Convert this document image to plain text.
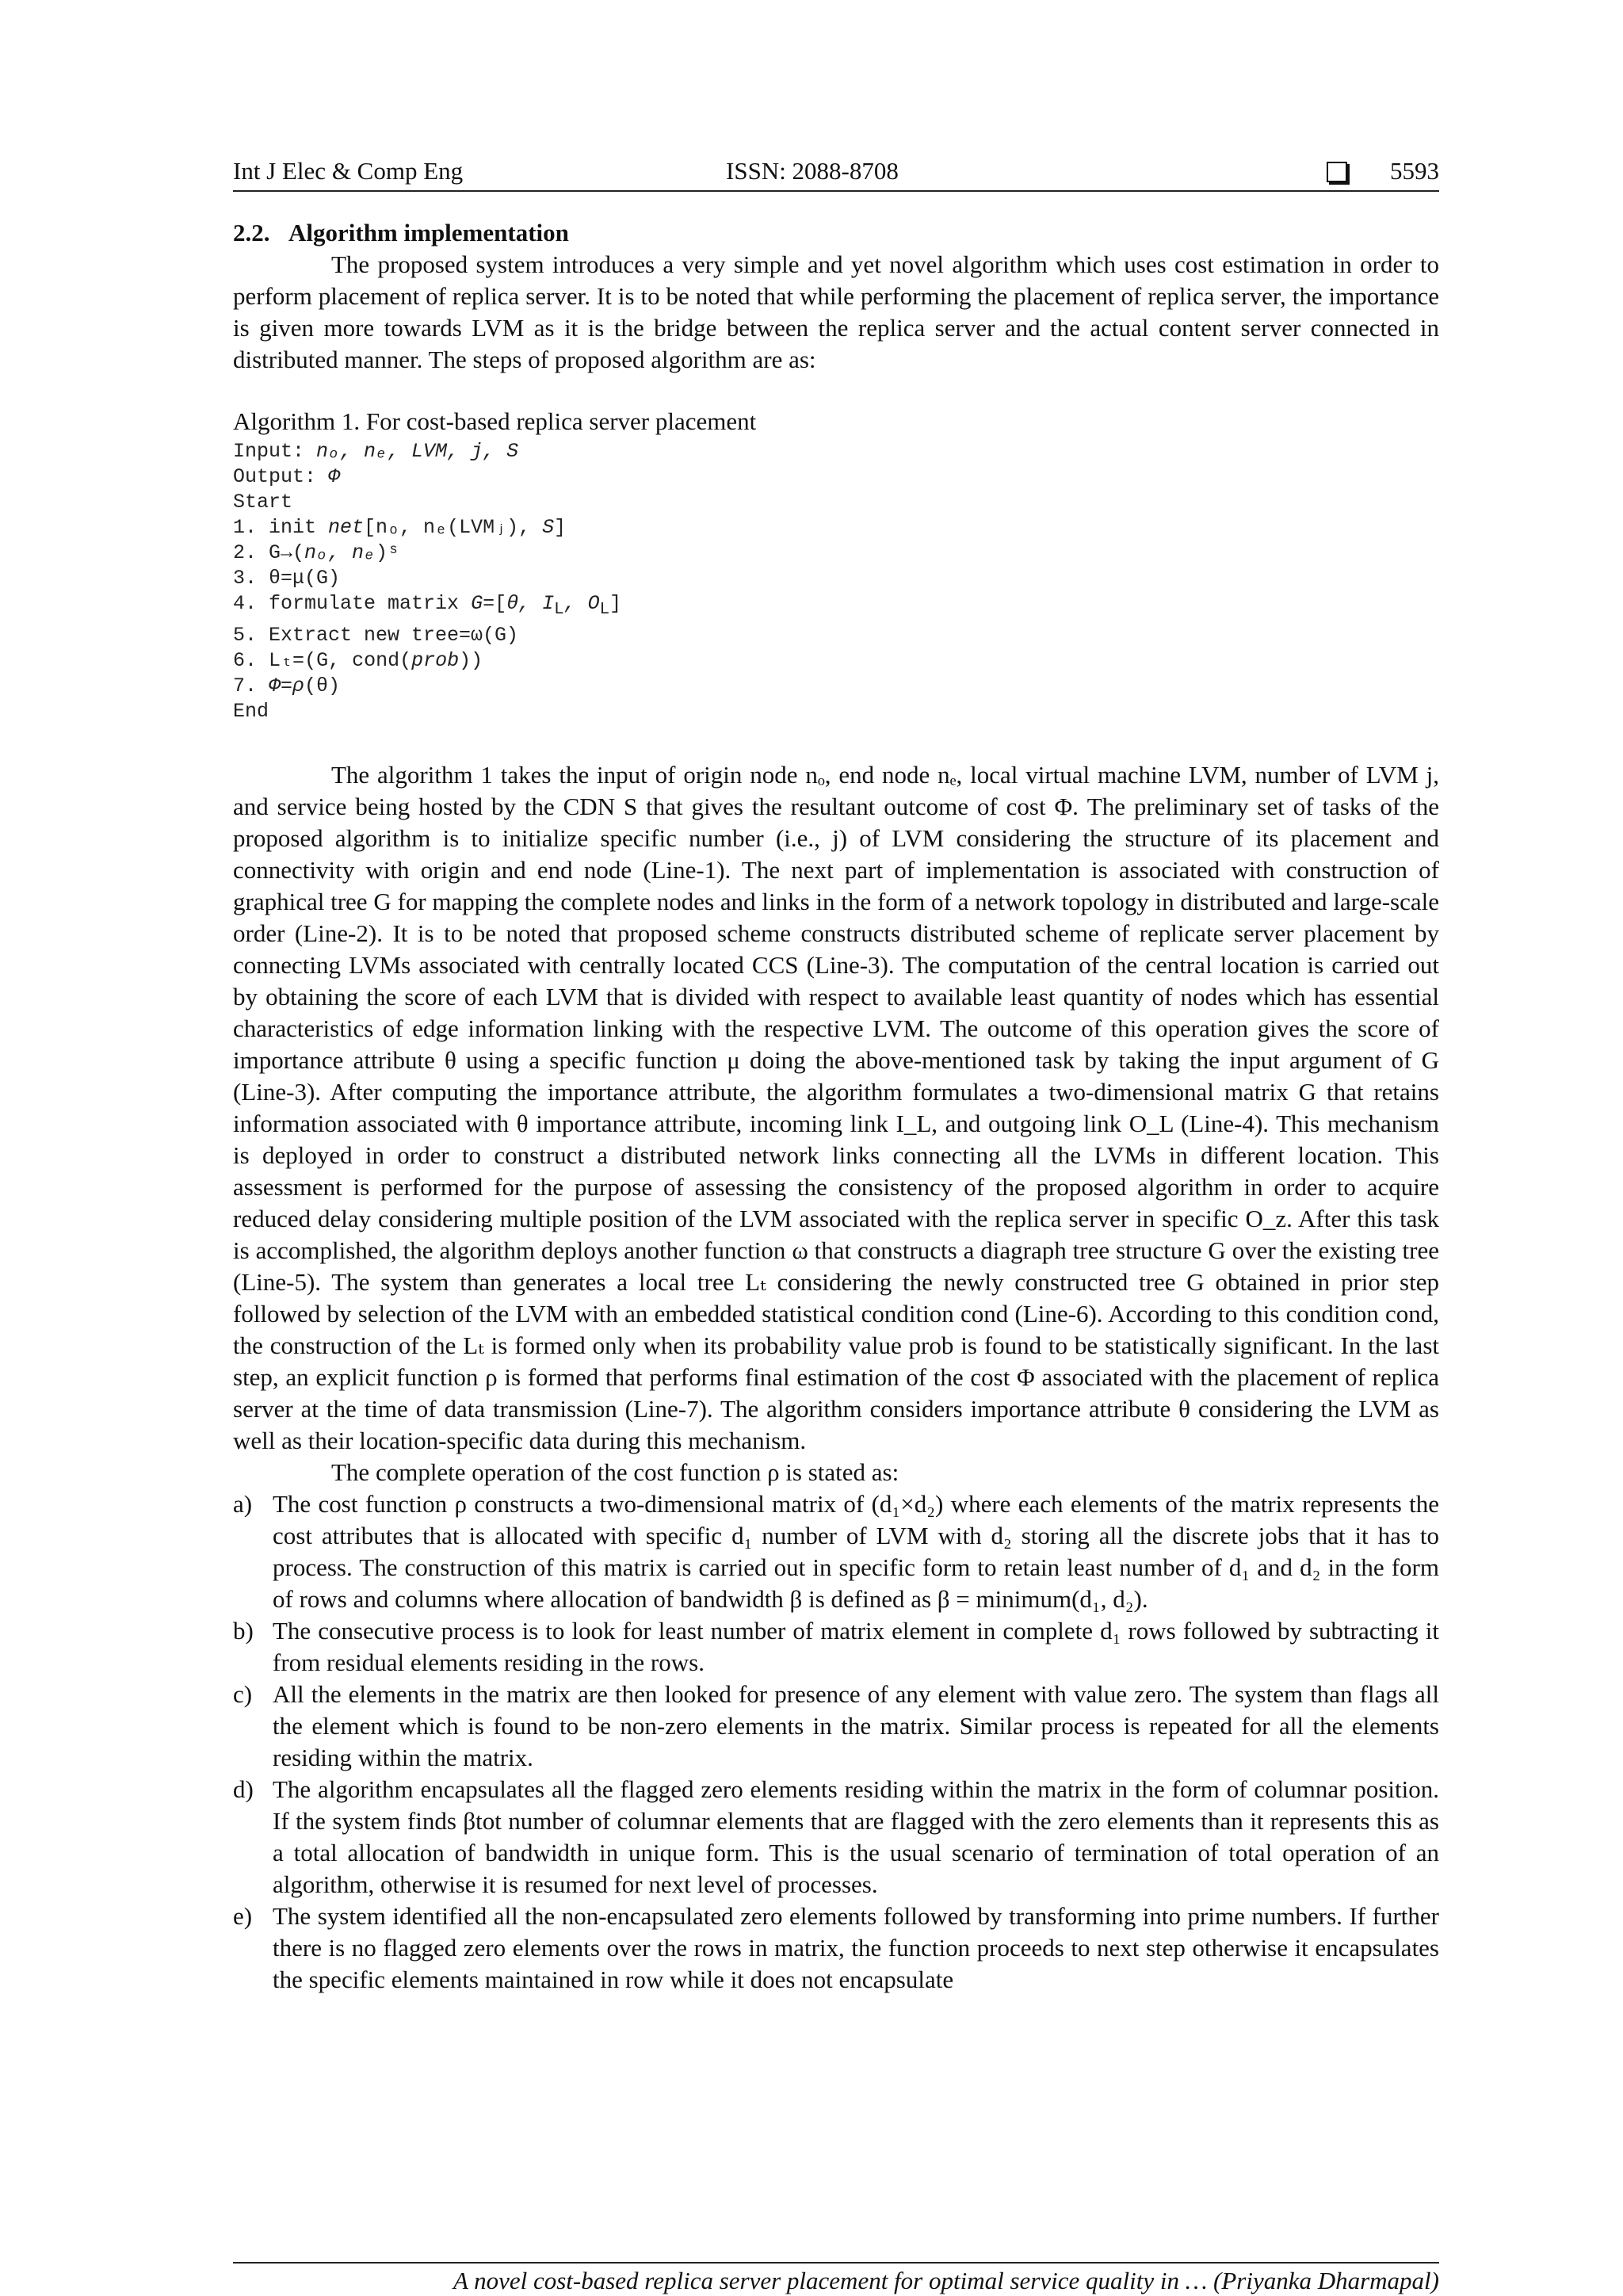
Int J Elec & Comp Eng	ISSN: 2088-8708	5593
2.2. Algorithm implementation

The proposed system introduces a very simple and yet novel algorithm which uses cost estimation in order to perform placement of replica server. It is to be noted that while performing the placement of replica server, the importance is given more towards LVM as it is the bridge between the replica server and the actual content server connected in distributed manner. The steps of proposed algorithm are as:

Algorithm 1. For cost-based replica server placement
Input: nₒ, nₑ, LVM, j, S
Output: Φ
Start
1. init net[nₒ, nₑ(LVMⱼ), S]
2. G→(nₒ, nₑ)ˢ
3. θ=μ(G)
4. formulate matrix G=[θ, $I_L$, $O_L$]
5. Extract new tree=ω(G)
6. Lₜ=(G, cond(prob))
7. Φ=ρ(θ)
End

The algorithm 1 takes the input of origin node nₒ, end node nₑ, local virtual machine LVM, number of LVM j, and service being hosted by the CDN S that gives the resultant outcome of cost Φ. The preliminary set of tasks of the proposed algorithm is to initialize specific number (i.e., j) of LVM considering the structure of its placement and connectivity with origin and end node (Line-1). The next part of implementation is associated with construction of graphical tree G for mapping the complete nodes and links in the form of a network topology in distributed and large-scale order (Line-2). It is to be noted that proposed scheme constructs distributed scheme of replicate server placement by connecting LVMs associated with centrally located CCS (Line-3). The computation of the central location is carried out by obtaining the score of each LVM that is divided with respect to available least quantity of nodes which has essential characteristics of edge information linking with the respective LVM. The outcome of this operation gives the score of importance attribute θ using a specific function μ doing the above-mentioned task by taking the input argument of G (Line-3). After computing the importance attribute, the algorithm formulates a two-dimensional matrix G that retains information associated with θ importance attribute, incoming link I_L, and outgoing link O_L (Line-4). This mechanism is deployed in order to construct a distributed network links connecting all the LVMs in different location. This assessment is performed for the purpose of assessing the consistency of the proposed algorithm in order to acquire reduced delay considering multiple position of the LVM associated with the replica server in specific O_z. After this task is accomplished, the algorithm deploys another function ω that constructs a diagraph tree structure G over the existing tree (Line-5). The system than generates a local tree Lₜ considering the newly constructed tree G obtained in prior step followed by selection of the LVM with an embedded statistical condition cond (Line-6). According to this condition cond, the construction of the Lₜ is formed only when its probability value prob is found to be statistically significant. In the last step, an explicit function ρ is formed that performs final estimation of the cost Φ associated with the placement of replica server at the time of data transmission (Line-7). The algorithm considers importance attribute θ considering the LVM as well as their location-specific data during this mechanism.

The complete operation of the cost function ρ is stated as:

a) The cost function ρ constructs a two-dimensional matrix of (d₁×d₂) where each elements of the matrix represents the cost attributes that is allocated with specific d₁ number of LVM with d₂ storing all the discrete jobs that it has to process. The construction of this matrix is carried out in specific form to retain least number of d₁ and d₂ in the form of rows and columns where allocation of bandwidth β is defined as β = minimum(d₁, d₂).
b) The consecutive process is to look for least number of matrix element in complete d₁ rows followed by subtracting it from residual elements residing in the rows.
c) All the elements in the matrix are then looked for presence of any element with value zero. The system than flags all the element which is found to be non-zero elements in the matrix. Similar process is repeated for all the elements residing within the matrix.
d) The algorithm encapsulates all the flagged zero elements residing within the matrix in the form of columnar position. If the system finds βtot number of columnar elements that are flagged with the zero elements than it represents this as a total allocation of bandwidth in unique form. This is the usual scenario of termination of total operation of an algorithm, otherwise it is resumed for next level of processes.
e) The system identified all the non-encapsulated zero elements followed by transforming into prime numbers. If further there is no flagged zero elements over the rows in matrix, the function proceeds to next step otherwise it encapsulates the specific elements maintained in row while it does not encapsulate
A novel cost-based replica server placement for optimal service quality in … (Priyanka Dharmapal)
